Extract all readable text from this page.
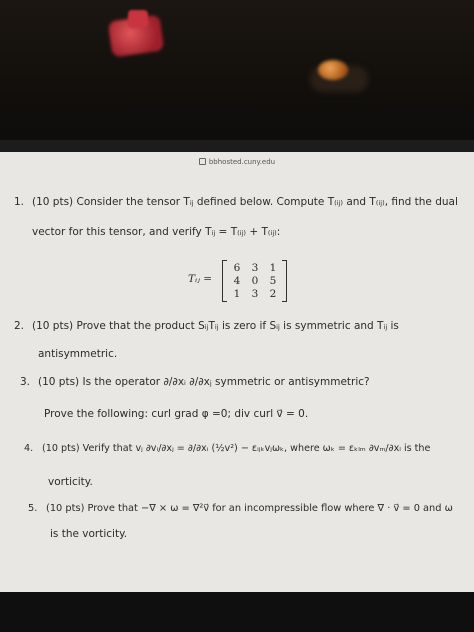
bbhosted.cuny.edu
1. (10 pts) Consider the tensor Tᵢⱼ defined below. Compute T₍ᵢⱼ₎ and T₍ᵢⱼ₎, find the dual
vector for this tensor, and verify Tᵢⱼ = T₍ᵢⱼ₎ + T₍ᵢⱼ₎:
Tᵢⱼ =
6	3	1
4	0	5
1	3	2
2. (10 pts) Prove that the product SᵢⱼTᵢⱼ is zero if Sᵢⱼ is symmetric and Tᵢⱼ is
antisymmetric.
3. (10 pts) Is the operator ∂/∂xᵢ ∂/∂xⱼ symmetric or antisymmetric?
Prove the following: curl grad φ =0; div curl v⃗ = 0.
4. (10 pts) Verify that vⱼ ∂vᵢ/∂xⱼ = ∂/∂xᵢ (½v²) − εᵢⱼₖvⱼωₖ, where ωₖ = εₖₗₘ ∂vₘ/∂xₗ is the
vorticity.
5. (10 pts) Prove that −∇ × ω = ∇²v⃗ for an incompressible flow where ∇ · v⃗ = 0 and ω
is the vorticity.
